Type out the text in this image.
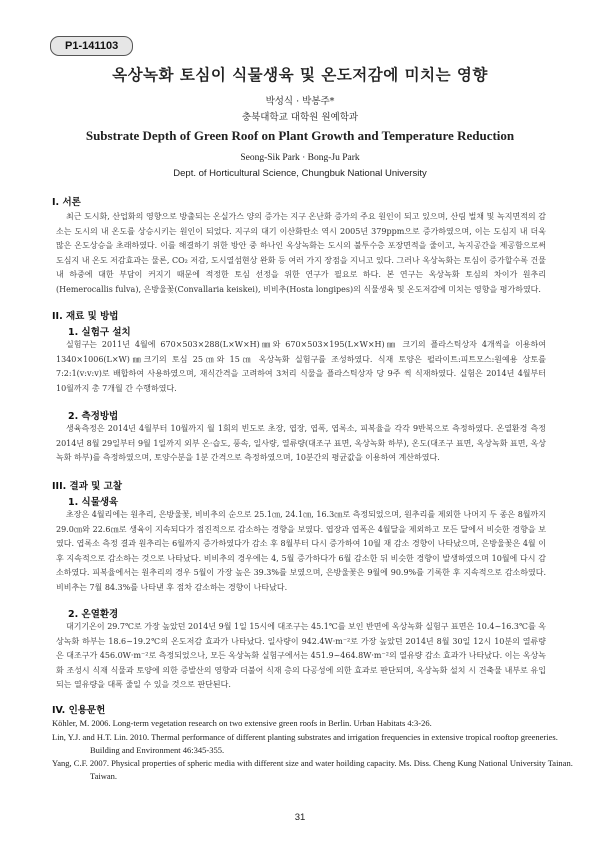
P1-141103
옥상녹화 토심이 식물생육 및 온도저감에 미치는 영향
박성식 · 박봉주*
충북대학교 대학원 원예학과
Substrate Depth of Green Roof on Plant Growth and Temperature Reduction
Seong-Sik Park · Bong-Ju Park
Dept. of Horticultural Science, Chungbuk National University
I. 서론
최근 도시화, 산업화의 영향으로 방출되는 온실가스 양의 증가는 지구 온난화 증가의 주요 원인이 되고 있으며, 산림 벌채 및 녹지면적의 감소는 도시의 내 온도를 상승시키는 원인이 되었다. 지구의 대기 이산화탄소 역시 2005년 379ppm으로 증가하였으며, 이는 도심지 내 더욱 많은 온도상승을 초래하였다. 이를 해결하기 위한 방안 중 하나인 옥상녹화는 도시의 불투수층 포장면적을 줄이고, 녹지공간을 제공함으로써 도심지 내 온도 저감효과는 물론, CO₂ 저감, 도시열섬현상 완화 등 여러 가지 장점을 지니고 있다. 그러나 옥상녹화는 토심이 증가할수록 건물 내 하중에 대한 부담이 커지기 때문에 적정한 토심 선정을 위한 연구가 필요로 하다. 본 연구는 옥상녹화 토심의 차이가 원추리(Hemerocallis fulva), 은방울꽃(Convallaria keiskei), 비비추(Hosta longipes)의 식물생육 및 온도저감에 미치는 영향을 평가하였다.
II. 재료 및 방법
1. 실험구 설치
실험구는 2011년 4월에 670×503×288(L×W×H)㎜와 670×503×195(L×W×H)㎜ 크기의 플라스틱상자 4개씩을 이용하여 1340×1006(L×W)㎜크기의 토심 25㎝와 15㎝ 옥상녹화 실험구를 조성하였다. 식재 토양은 펄라이트:피트모스:원예용 상토를 7:2:1(v:v:v)로 배합하여 사용하였으며, 재식간격을 고려하여 3처리 식물을 플라스틱상자 당 9주 씩 식재하였다. 실험은 2014년 4월부터 10월까지 총 7개월 간 수행하였다.
2. 측정방법
생육측정은 2014년 4월부터 10월까지 월 1회의 빈도로 초장, 엽장, 엽폭, 엽록소, 피복율을 각각 9반복으로 측정하였다. 온열환경 측정 2014년 8월 29일부터 9월 1일까지 외부 온·습도, 풍속, 일사량, 열류량(대조구 표면, 옥상녹화 하부), 온도(대조구 표면, 옥상녹화 표면, 옥상녹화 하부)를 측정하였으며, 토양수분을 1분 간격으로 측정하였으며, 10분간의 평균값을 이용하여 계산하였다.
III. 결과 및 고찰
1. 식물생육
초장은 4월리에는 원추리, 은방울꽃, 비비추의 순으로 25.1㎝, 24.1㎝, 16.3㎝로 측정되었으며, 원추리를 제외한 나머지 두 종은 8월까지 29.0㎝와 22.6㎝로 생육이 지속되다가 점진적으로 감소하는 경향을 보였다. 엽장과 엽폭은 4월달을 제외하고 모든 달에서 비슷한 경향을 보였다. 엽록소 측정 결과 원추리는 6월까지 증가하였다가 감소 후 8월부터 다시 증가하여 10월 재 감소 경향이 나타났으며, 은방울꽃은 4월 이후 지속적으로 감소하는 것으로 나타났다. 비비추의 경우에는 4, 5월 증가하다가 6월 감소한 뒤 비슷한 경향이 발생하였으며 10월에 다시 감소하였다. 피복율에서는 원추리의 경우 5월이 가장 높은 39.3%를 보였으며, 은방울꽃은 9월에 90.9%를 기록한 후 지속적으로 감소하였다. 비비추는 7월 84.3%를 나타낸 후 점차 감소하는 경향이 나타났다.
2. 온열환경
대기기온이 29.7℃로 가장 높았던 2014년 9월 1일 15시에 대조구는 45.1℃를 보인 반면에 옥상녹화 실험구 표면은 10.4~16.3℃를 옥상녹화 하부는 18.6~19.2℃의 온도저감 효과가 나타났다. 일사량이 942.4W·m⁻²로 가장 높았던 2014년 8월 30일 12시 10분의 열류량은 대조구가 456.0W·m⁻²로 측정되었으나, 모든 옥상녹화 실험구에서는 451.9~464.8W·m⁻²의 열유량 감소 효과가 나타났다. 이는 옥상녹화 조성시 식재 식물과 토양에 의한 증발산의 영향과 더불어 식재 층의 다공성에 의한 효과로 판단되며, 옥상녹화 설치 시 건축물 내부로 유입되는 열유량을 대폭 줄일 수 있을 것으로 판단된다.
IV. 인용문헌
Köhler, M. 2006. Long-term vegetation research on two extensive green roofs in Berlin. Urban Habitats 4:3-26.
Lin, Y.J. and H.T. Lin. 2010. Thermal performance of different planting substrates and irrigation frequencies in extensive tropical rooftop greeneries. Building and Environment 46:345-355.
Yang, C.F. 2007. Physical properties of spheric media with different size and water hoilding capacity. Ms. Diss. Cheng Kung National University Tainan. Taiwan.
31
